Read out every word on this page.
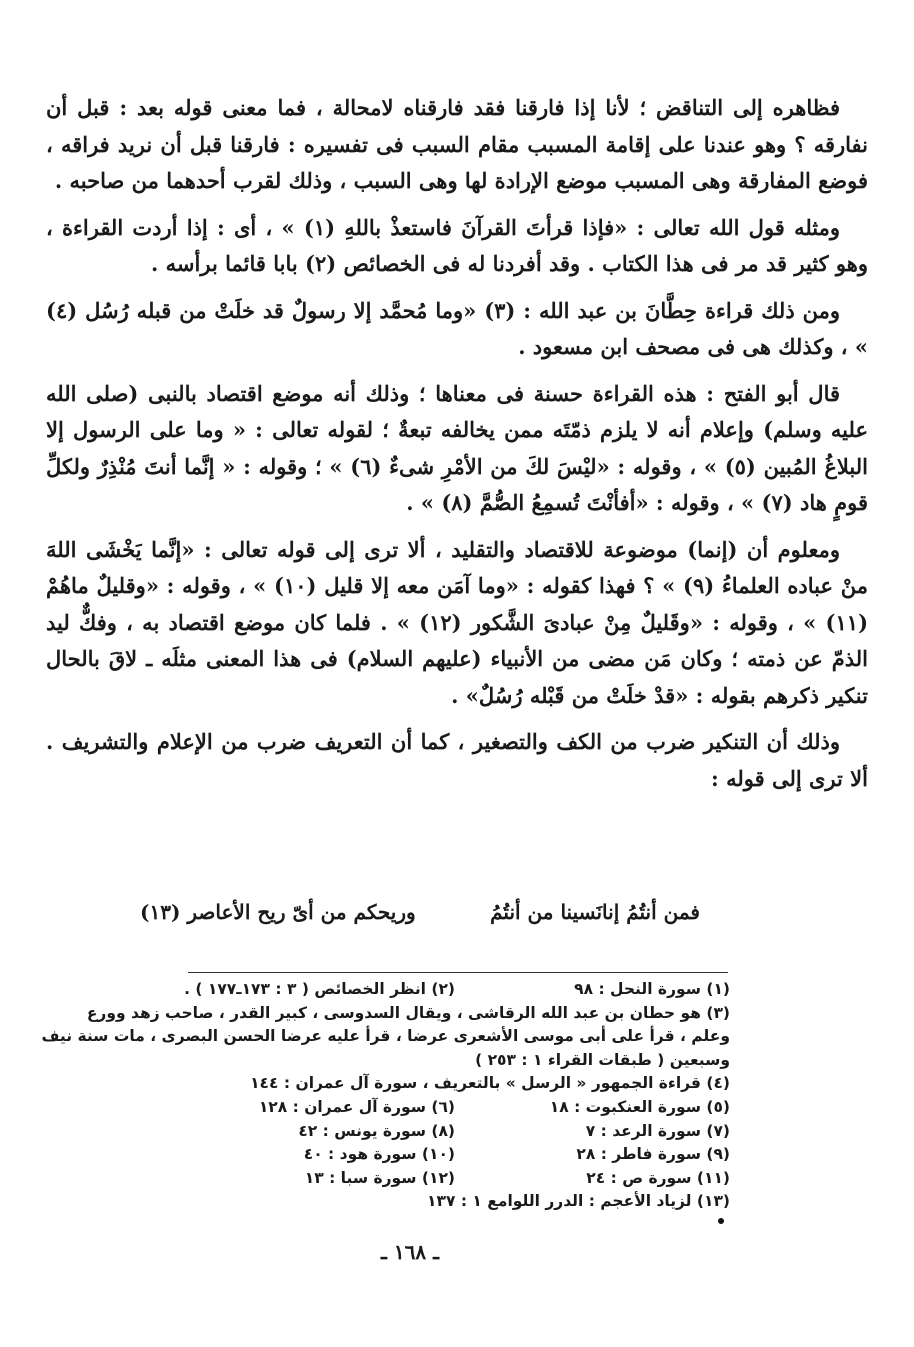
فظاهره إلى التناقض ؛ لأنا إذا فارقنا فقد فارقناه لامحالة ، فما معنى قوله بعد : قبل أن نفارقه ؟ وهو عندنا على إقامة المسبب مقام السبب فى تفسيره : فارقنا قبل أن نريد فراقه ، فوضع المفارقة وهى المسبب موضع الإرادة لها وهى السبب ، وذلك لقرب أحدهما من صاحبه .

ومثله قول الله تعالى : «فإذا قرأتَ القرآنَ فاستعذْ باللهِ (١) » ، أى : إذا أردت القراءة ، وهو كثير قد مر فى هذا الكتاب . وقد أفردنا له فى الخصائص (٢) بابا قائما برأسه .

ومن ذلك قراءة حِطَّانَ بن عبد الله : (٣) «وما مُحمَّد إلا رسولٌ قد خلَتْ من قبله رُسُل (٤) » ، وكذلك هى فى مصحف ابن مسعود .

قال أبو الفتح : هذه القراءة حسنة فى معناها ؛ وذلك أنه موضع اقتصاد بالنبى (صلى الله عليه وسلم) وإعلام أنه لا يلزم ذمّتَه ممن يخالفه تبعةٌ ؛ لقوله تعالى : « وما على الرسول إلا البلاغُ المُبين (٥) » ، وقوله : «ليْسَ لكَ من الأمْرِ شىءٌ (٦) » ؛ وقوله : « إنَّما أنتَ مُنْذِرٌ ولكلِّ قومٍ هاد (٧) » ، وقوله : «أفأنْتَ تُسمِعُ الصُّمَّ (٨) » .

ومعلوم أن (إنما) موضوعة للاقتصاد والتقليد ، ألا ترى إلى قوله تعالى : «إنَّما يَخْشَى اللهَ منْ عباده العلماءُ (٩) » ؟ فهذا كقوله : «وما آمَن معه إلا قليل (١٠) » ، وقوله : «وقليلٌ ماهُمْ (١١) » ، وقوله : «وقَليلٌ مِنْ عبادىَ الشَّكور (١٢) » . فلما كان موضع اقتصاد به ، وفكٌّ ليد الذمّ عن ذمته ؛ وكان مَن مضى من الأنبياء (عليهم السلام) فى هذا المعنى مثلَه ـ لاقَ بالحال تنكير ذكرهم بقوله : «قدْ خلَتْ من قَبْله رُسُلٌ» .

وذلك أن التنكير ضرب من الكف والتصغير ، كما أن التعريف ضرب من الإعلام والتشريف . ألا ترى إلى قوله :

فمن أنتُمُ إنانَسينا من أنتُمُ
وريحكم من أىّ ريح الأعاصر (١٣)
(١) سورة النحل : ٩٨
(٢) انظر الخصائص ( ٣ : ١٧٣ـ١٧٧ ) .
(٣) هو حطان بن عبد الله الرقاشى ، ويقال السدوسى ، كبير القدر ، صاحب زهد وورع
وعلم ، قرأ على أبى موسى الأشعرى عرضا ، قرأ عليه عرضا الحسن البصرى ، مات سنة نيف
وسبعين ( طبقات القراء ١ : ٢٥٣ )
(٤) قراءة الجمهور « الرسل » بالتعريف ، سورة آل عمران : ١٤٤
(٥) سورة العنكبوت : ١٨
(٦) سورة آل عمران : ١٢٨
(٧) سورة الرعد : ٧
(٨) سورة يونس : ٤٢
(٩) سورة فاطر : ٢٨
(١٠) سورة هود : ٤٠
(١١) سورة ص : ٢٤
(١٢) سورة سبا : ١٣
(١٣) لزياد الأعجم : الدرر اللوامع ١ : ١٣٧
ـ ١٦٨ ـ
